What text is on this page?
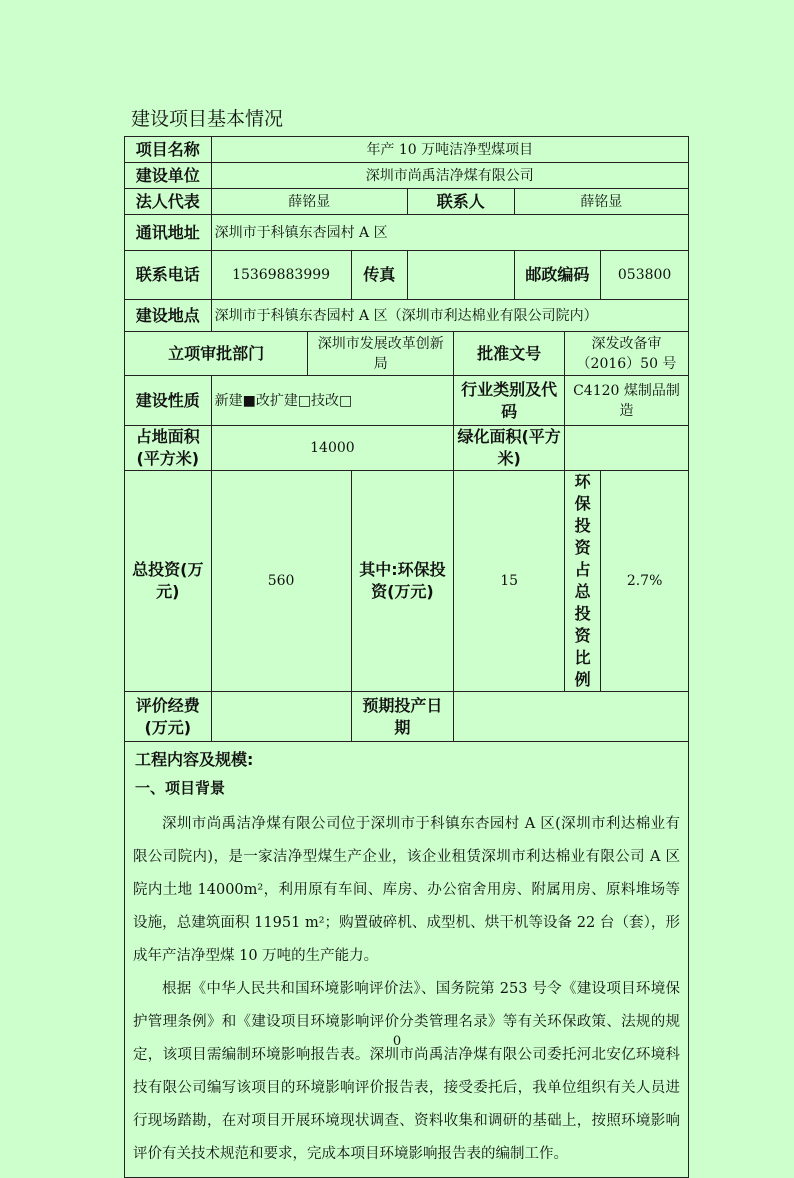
建设项目基本情况
项目名称	年产 10 万吨洁净型煤项目							
建设单位	深圳市尚禹洁净煤有限公司							
法人代表	薛铭显			联系人		薛铭显		
通讯地址	深圳市于科镇东杏园村 A 区							
联系电话	15369883999		传真			邮政编码		053800
建设地点	深圳市于科镇东杏园村 A 区（深圳市利达棉业有限公司院内）							
立项审批部门		深圳市发展改革创新局			批准文号		深发改备审（2016）50 号	
建设性质	新建■改扩建□技改□				行业类别及代码		C4120 煤制品制造	
占地面积(平方米)	14000				绿化面积(平方米)			
总投资(万元)	560		其中:环保投资(万元)		15		环保投资占总投资比例	2.7%
评价经费(万元)			预期投产日期					

工程内容及规模:
一、项目背景

深圳市尚禹洁净煤有限公司位于深圳市于科镇东杏园村 A 区(深圳市利达棉业有限公司院内)，是一家洁净型煤生产企业，该企业租赁深圳市利达棉业有限公司 A 区院内土地 14000m²，利用原有车间、库房、办公宿舍用房、附属用房、原料堆场等设施，总建筑面积 11951 m²；购置破碎机、成型机、烘干机等设备 22 台（套），形成年产洁净型煤 10 万吨的生产能力。

根据《中华人民共和国环境影响评价法》、国务院第 253 号令《建设项目环境保护管理条例》和《建设项目环境影响评价分类管理名录》等有关环保政策、法规的规定，该项目需编制环境影响报告表。深圳市尚禹洁净煤有限公司委托河北安亿环境科技有限公司编写该项目的环境影响评价报告表，接受委托后，我单位组织有关人员进行现场踏勘，在对项目开展环境现状调查、资料收集和调研的基础上，按照环境影响评价有关技术规范和要求，完成本项目环境影响报告表的编制工作。								

0
